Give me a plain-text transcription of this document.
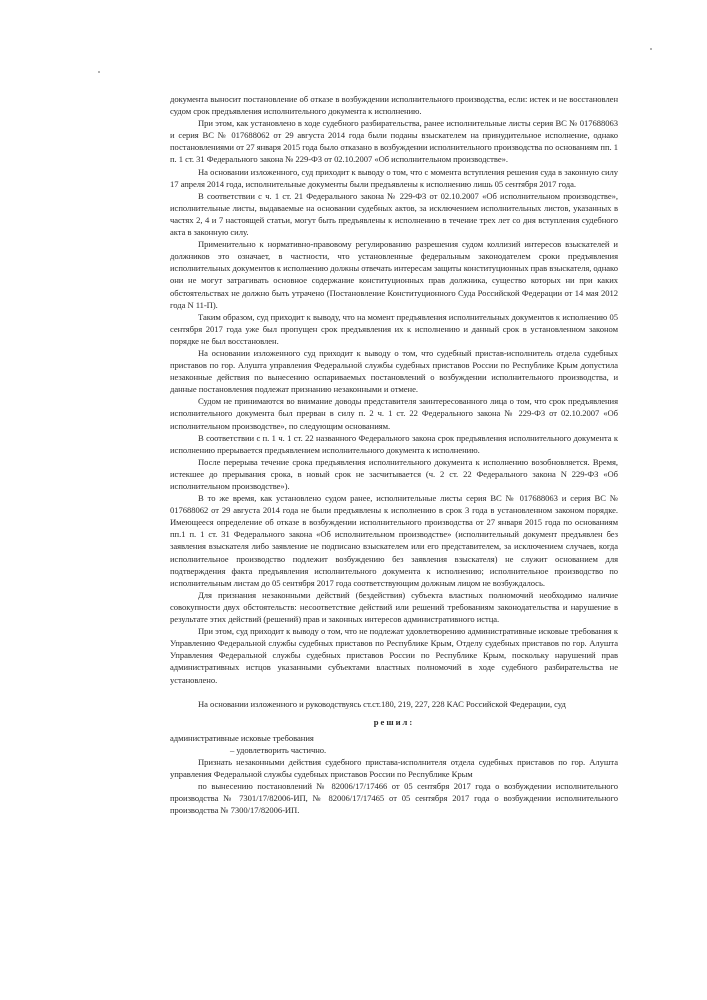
документа выносит постановление об отказе в возбуждении исполнительного производства, если: истек и не восстановлен судом срок предъявления исполнительного документа к исполнению.

При этом, как установлено в ходе судебного разбирательства, ранее исполнительные листы серия ВС № 017688063 и серия ВС № 017688062 от 29 августа 2014 года были поданы взыскателем на принудительное исполнение, однако постановлениями от 27 января 2015 года было отказано в возбуждении исполнительного производства по основаниям пп. 1 п. 1 ст. 31 Федерального закона № 229-ФЗ от 02.10.2007 «Об исполнительном производстве».

На основании изложенного, суд приходит к выводу о том, что с момента вступления решения суда в законную силу 17 апреля 2014 года, исполнительные документы были предъявлены к исполнению лишь 05 сентября 2017 года.

В соответствии с ч. 1 ст. 21 Федерального закона № 229-ФЗ от 02.10.2007 «Об исполнительном производстве», исполнительные листы, выдаваемые на основании судебных актов, за исключением исполнительных листов, указанных в частях 2, 4 и 7 настоящей статьи, могут быть предъявлены к исполнению в течение трех лет со дня вступления судебного акта в законную силу.

Применительно к нормативно-правовому регулированию разрешения судом коллизий интересов взыскателей и должников это означает, в частности, что установленные федеральным законодателем сроки предъявления исполнительных документов к исполнению должны отвечать интересам защиты конституционных прав взыскателя, однако они не могут затрагивать основное содержание конституционных прав должника, существо которых ни при каких обстоятельствах не должно быть утрачено (Постановление Конституционного Суда Российской Федерации от 14 мая 2012 года N 11-П).

Таким образом, суд приходит к выводу, что на момент предъявления исполнительных документов к исполнению 05 сентября 2017 года уже был пропущен срок предъявления их к исполнению и данный срок в установленном законом порядке не был восстановлен.

На основании изложенного суд приходит к выводу о том, что судебный пристав-исполнитель отдела судебных приставов по гор. Алушта управления Федеральной службы судебных приставов России по Республике Крым допустила незаконные действия по вынесению оспариваемых постановлений о возбуждении исполнительного производства, и данные постановления подлежат признанию незаконными и отмене.

Судом не принимаются во внимание доводы представителя заинтересованного лица о том, что срок предъявления исполнительного документа был прерван в силу п. 2 ч. 1 ст. 22 Федерального закона № 229-ФЗ от 02.10.2007 «Об исполнительном производстве», по следующим основаниям.

В соответствии с п. 1 ч. 1 ст. 22 названного Федерального закона срок предъявления исполнительного документа к исполнению прерывается предъявлением исполнительного документа к исполнению.

После перерыва течение срока предъявления исполнительного документа к исполнению возобновляется. Время, истекшее до прерывания срока, в новый срок не засчитывается (ч. 2 ст. 22 Федерального закона N 229-ФЗ «Об исполнительном производстве»).

В то же время, как установлено судом ранее, исполнительные листы серия ВС № 017688063 и серия ВС № 017688062 от 29 августа 2014 года не были предъявлены к исполнению в срок 3 года в установленном законом порядке. Имеющееся определение об отказе в возбуждении исполнительного производства от 27 января 2015 года по основаниям пп.1 п. 1 ст. 31 Федерального закона «Об исполнительном производстве» (исполнительный документ предъявлен без заявления взыскателя либо заявление не подписано взыскателем или его представителем, за исключением случаев, когда исполнительное производство подлежит возбуждению без заявления взыскателя) не служит основанием для подтверждения факта предъявления исполнительного документа к исполнению; исполнительное производство по исполнительным листам до 05 сентября 2017 года соответствующим должным лицом не возбуждалось.

Для признания незаконными действий (бездействия) субъекта властных полномочий необходимо наличие совокупности двух обстоятельств: несоответствие действий или решений требованиям законодательства и нарушение в результате этих действий (решений) прав и законных интересов административного истца.

При этом, суд приходит к выводу о том, что не подлежат удовлетворению административные исковые требования к Управлению Федеральной службы судебных приставов по Республике Крым, Отделу судебных приставов по гор. Алушта Управления Федеральной службы судебных приставов России по Республике Крым, поскольку нарушений прав административных истцов указанными субъектами властных полномочий в ходе судебного разбирательства не установлено.

На основании изложенного и руководствуясь ст.ст.180, 219, 227, 228 КАС Российской Федерации, суд

решил:

административные исковые требования

– удовлетворить частично.

Признать незаконными действия судебного пристава-исполнителя отдела судебных приставов по гор. Алушта управления Федеральной службы судебных приставов России по Республике Крым

по вынесению постановлений № 82006/17/17466 от 05 сентября 2017 года о возбуждении исполнительного производства № 7301/17/82006-ИП, № 82006/17/17465 от 05 сентября 2017 года о возбуждении исполнительного производства № 7300/17/82006-ИП.
